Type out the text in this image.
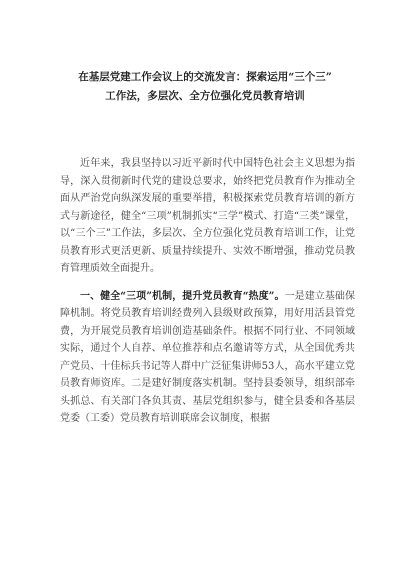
在基层党建工作会议上的交流发言：探索运用“三个三”
工作法，多层次、全方位强化党员教育培训

近年来，我县坚持以习近平新时代中国特色社会主义思想为指导，深入贯彻新时代党的建设总要求，始终把党员教育作为推动全面从严治党向纵深发展的重要举措，积极探索党员教育培训的新方式与新途径，健全“三项”机制抓实“三学”模式、打造“三类”课堂，以“三个三”工作法，多层次、全方位强化党员教育培训工作，让党员教育形式更活更新、质量持续提升、实效不断增强，推动党员教育管理质效全面提升。

一、健全“三项”机制，提升党员教育“热度”。一是建立基础保障机制。将党员教育培训经费列入县级财政预算，用好用活县管党费，为开展党员教育培训创造基础条件。根据不同行业、不同领域实际，通过个人自荐、单位推荐和点名邀请等方式，从全国优秀共产党员、十佳标兵书记等人群中广泛征集讲师53人，高水平建立党员教育师资库。二是建好制度落实机制。坚持县委领导，组织部牵头抓总、有关部门各负其责、基层党组织参与，健全县委和各基层党委（工委）党员教育培训联席会议制度，根据
